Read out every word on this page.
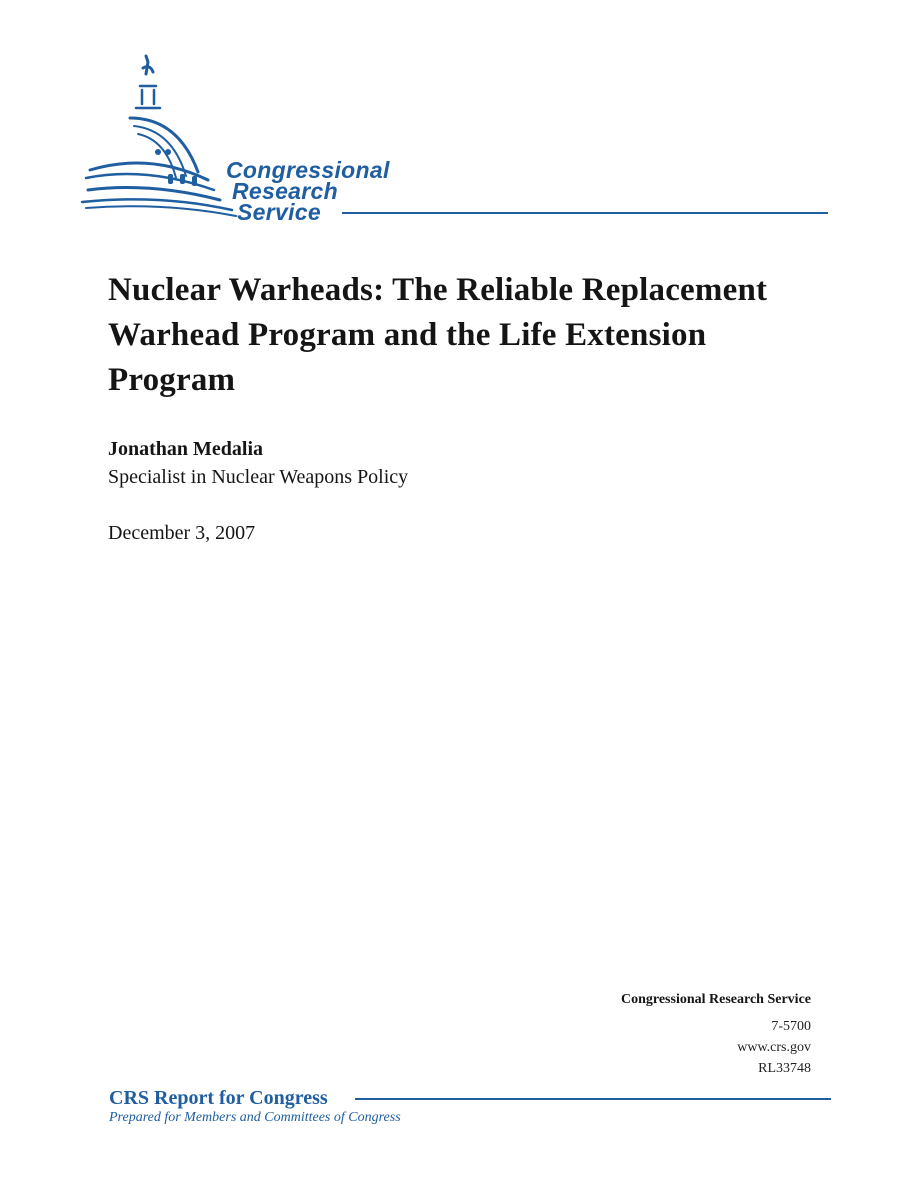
Congressional
Research
Service
Nuclear Warheads: The Reliable Replacement Warhead Program and the Life Extension Program
Jonathan Medalia
Specialist in Nuclear Weapons Policy
December 3, 2007
Congressional Research Service
7-5700
www.crs.gov
RL33748
CRS Report for Congress
Prepared for Members and Committees of Congress
